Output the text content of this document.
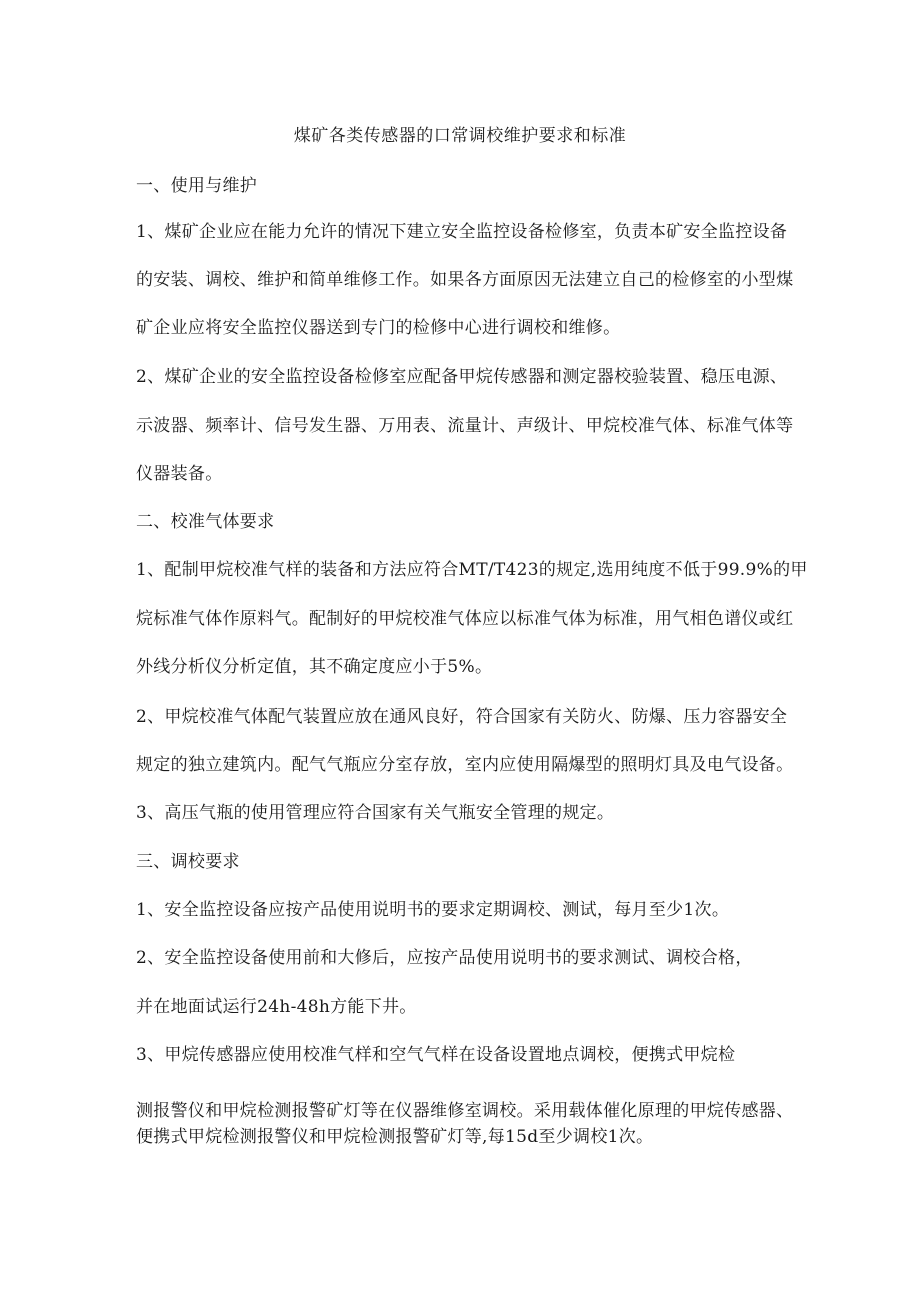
煤矿各类传感器的口常调校维护要求和标准
一、使用与维护
1、煤矿企业应在能力允许的情况下建立安全监控设备检修室，负责本矿安全监控设备
的安装、调校、维护和简单维修工作。如果各方面原因无法建立自己的检修室的小型煤
矿企业应将安全监控仪器送到专门的检修中心进行调校和维修。
2、煤矿企业的安全监控设备检修室应配备甲烷传感器和测定器校验装置、稳压电源、
示波器、频率计、信号发生器、万用表、流量计、声级计、甲烷校准气体、标准气体等
仪器装备。
二、校准气体要求
1、配制甲烷校准气样的装备和方法应符合MT/T423的规定,选用纯度不低于99.9%的甲
烷标准气体作原料气。配制好的甲烷校准气体应以标准气体为标准，用气相色谱仪或红
外线分析仪分析定值，其不确定度应小于5%。
2、甲烷校准气体配气装置应放在通风良好，符合国家有关防火、防爆、压力容器安全
规定的独立建筑内。配气气瓶应分室存放，室内应使用隔爆型的照明灯具及电气设备。
3、高压气瓶的使用管理应符合国家有关气瓶安全管理的规定。
三、调校要求
1、安全监控设备应按产品使用说明书的要求定期调校、测试，每月至少1次。
2、安全监控设备使用前和大修后，应按产品使用说明书的要求测试、调校合格，
并在地面试运行24h-48h方能下井。
3、甲烷传感器应使用校准气样和空气气样在设备设置地点调校，便携式甲烷检
测报警仪和甲烷检测报警矿灯等在仪器维修室调校。采用载体催化原理的甲烷传感器、
便携式甲烷检测报警仪和甲烷检测报警矿灯等,每15d至少调校1次。
